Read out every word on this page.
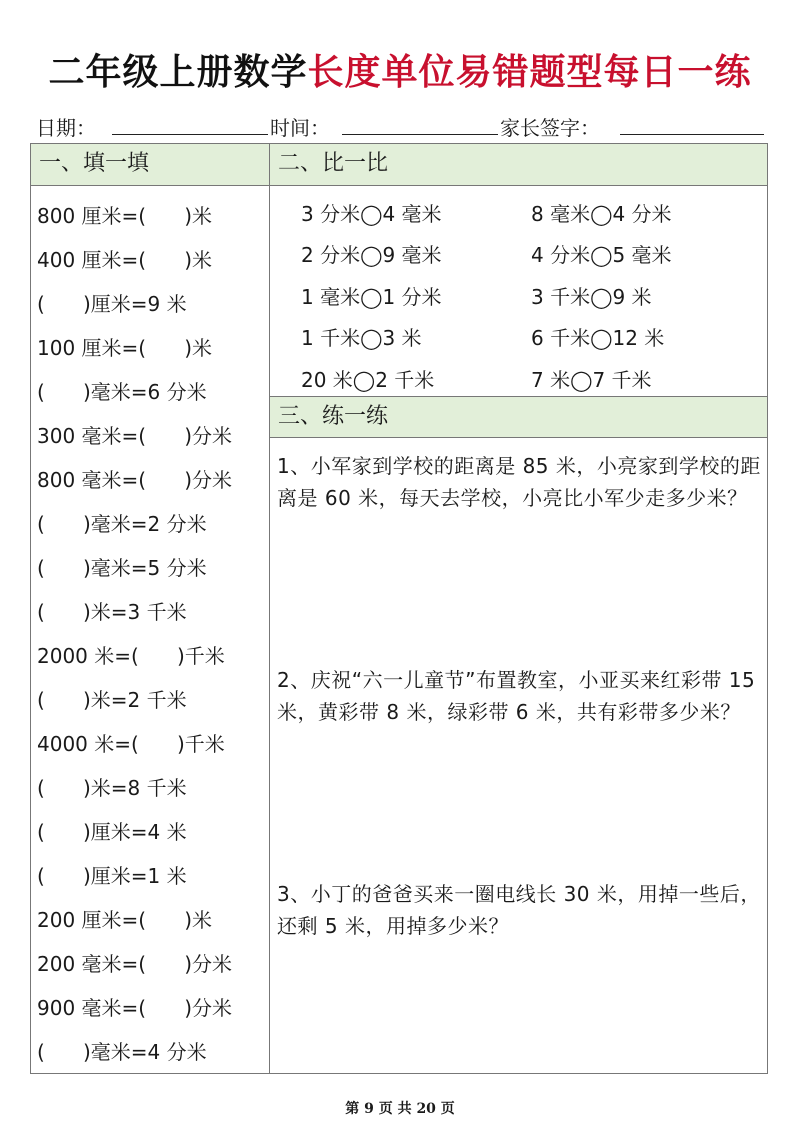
二年级上册数学长度单位易错题型每日一练
日期：	时间：	家长签字：
一、填一填	二、比一比
三、练一练
800 厘米=(      )米
400 厘米=(      )米
(      )厘米=9 米
100 厘米=(      )米
(      )毫米=6 分米
300 毫米=(      )分米
800 毫米=(      )分米
(      )毫米=2 分米
(      )毫米=5 分米
(      )米=3 千米
2000 米=(      )千米
(      )米=2 千米
4000 米=(      )千米
(      )米=8 千米
(      )厘米=4 米
(      )厘米=1 米
200 厘米=(      )米
200 毫米=(      )分米
900 毫米=(      )分米
(      )毫米=4 分米
3 分米◯4 毫米	8 毫米◯4 分米
2 分米◯9 毫米	4 分米◯5 毫米
1 毫米◯1 分米	3 千米◯9 米
1 千米◯3 米	6 千米◯12 米
20 米◯2 千米	7 米◯7 千米
1、小军家到学校的距离是 85 米，小亮家到学校的距离是 60 米，每天去学校，小亮比小军少走多少米？
2、庆祝“六一儿童节”布置教室，小亚买来红彩带 15 米，黄彩带 8 米，绿彩带 6 米，共有彩带多少米？
3、小丁的爸爸买来一圈电线长 30 米，用掉一些后，还剩 5 米，用掉多少米？
第 9 页 共 20 页
